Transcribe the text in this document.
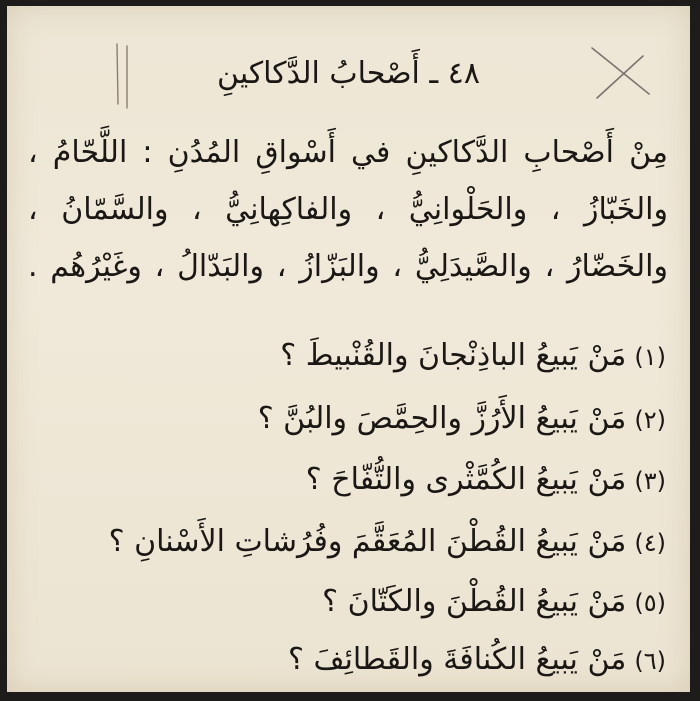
٤٨ ـ أَصْحابُ الدَّكاكينِ

مِنْ أَصْحابِ الدَّكاكينِ في أَسْواقِ المُدُنِ : اللَّحّامُ ، والخَبّازُ ، والحَلْوانِيُّ ، والفاكِهانِيُّ ، والسَّمّانُ ، والخَضّارُ ، والصَّيدَلِيُّ ، والبَزّازُ ، والبَدّالُ ، وغَيْرُهُم .

(١)مَنْ يَبيعُ الباذِنْجانَ والقُنْبيطَ ؟
(٢)مَنْ يَبيعُ الأَرُزَّ والحِمَّصَ والبُنَّ ؟
(٣)مَنْ يَبيعُ الكُمَّثْرى والتُّفّاحَ ؟
(٤)مَنْ يَبيعُ القُطْنَ المُعَقَّمَ وفُرُشاتِ الأَسْنانِ ؟
(٥)مَنْ يَبيعُ القُطْنَ والكَتّانَ ؟
(٦)مَنْ يَبيعُ الكُنافَةَ والقَطائِفَ ؟
